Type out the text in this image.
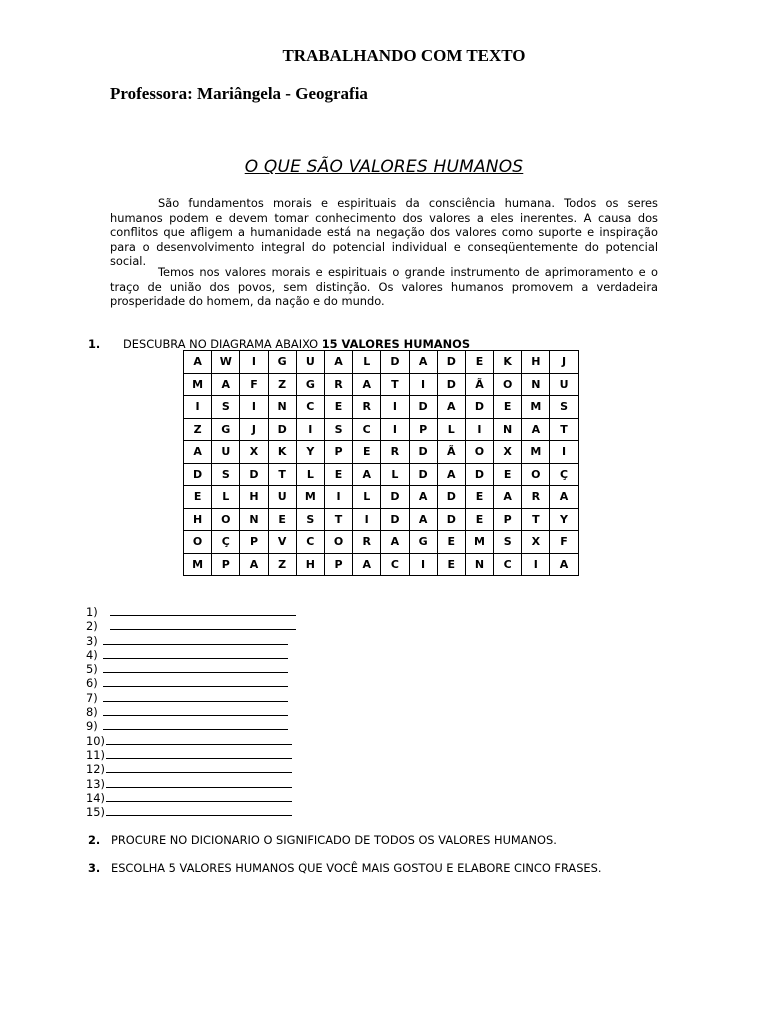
TRABALHANDO COM TEXTO
Professora: Mariângela - Geografia
O QUE SÃO VALORES HUMANOS
São fundamentos morais e espirituais da consciência humana. Todos os seres humanos podem e devem tomar conhecimento dos valores a eles inerentes. A causa dos conflitos que afligem a humanidade está na negação dos valores como suporte e inspiração para o desenvolvimento integral do potencial individual e conseqüentemente do potencial social.
Temos nos valores morais e espirituais o grande instrumento de aprimoramento e o traço de união dos povos, sem distinção. Os valores humanos promovem a verdadeira prosperidade do homem, da nação e do mundo.
1. DESCUBRA NO DIAGRAMA ABAIXO 15 VALORES HUMANOS
A	W	I	G	U	A	L	D	A	D	E	K	H	J
M	A	F	Z	G	R	A	T	I	D	Ã	O	N	U
I	S	I	N	C	E	R	I	D	A	D	E	M	S
Z	G	J	D	I	S	C	I	P	L	I	N	A	T
A	U	X	K	Y	P	E	R	D	Ã	O	X	M	I
D	S	D	T	L	E	A	L	D	A	D	E	O	Ç
E	L	H	U	M	I	L	D	A	D	E	A	R	A
H	O	N	E	S	T	I	D	A	D	E	P	T	Y
O	Ç	P	V	C	O	R	A	G	E	M	S	X	F
M	P	A	Z	H	P	A	C	I	E	N	C	I	A
1)
2)
3)
4)
5)
6)
7)
8)
9)
10)
11)
12)
13)
14)
15)
2. PROCURE NO DICIONARIO O SIGNIFICADO DE TODOS OS VALORES HUMANOS.
3. ESCOLHA 5 VALORES HUMANOS QUE VOCÊ MAIS GOSTOU E ELABORE CINCO FRASES.
